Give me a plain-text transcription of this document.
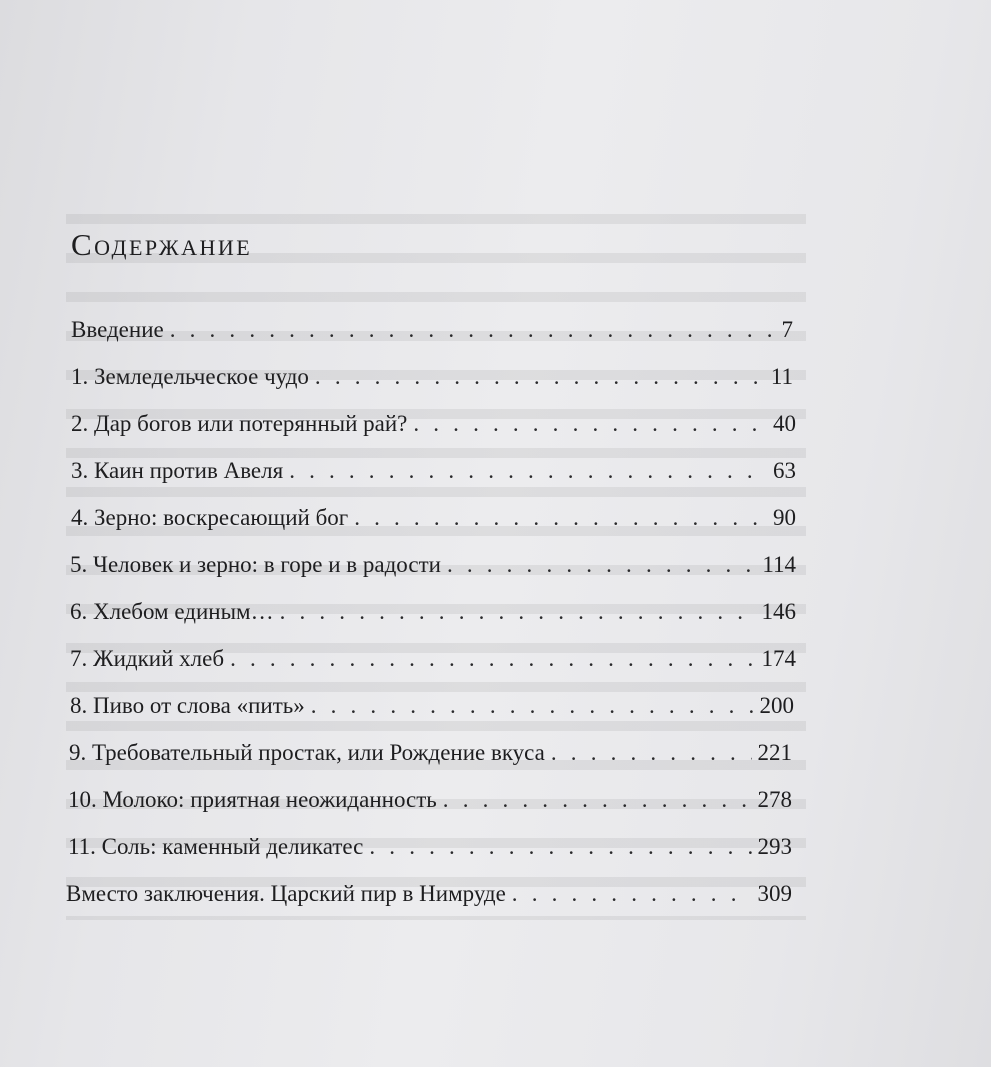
Содержание
Введение . . .	7
1. Земледельческое чудо . . .	11
2. Дар богов или потерянный рай? . . .	40
3. Каин против Авеля . . .	63
4. Зерно: воскресающий бог . . .	90
5. Человек и зерно: в горе и в радости . . .	114
6. Хлебом единым… . . .	146
7. Жидкий хлеб . . .	174
8. Пиво от слова «пить» . . .	200
9. Требовательный простак, или Рождение вкуса . . .	221
10. Молоко: приятная неожиданность . . .	278
11. Соль: каменный деликатес . . .	293
Вместо заключения. Царский пир в Нимруде . . .	309
